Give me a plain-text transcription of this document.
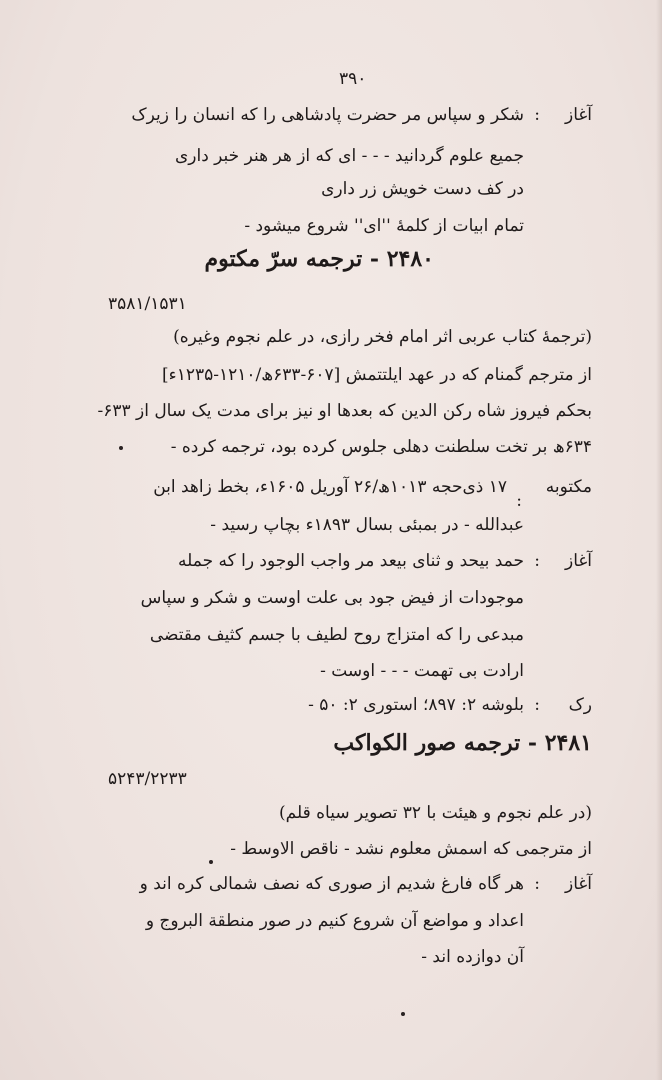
۳۹۰
آغاز
:
شکر و سپاس مر حضرت پادشاهی را که انسان را زیرک
جمیع علوم گردانید - - - ای که از هر هنر خبر داری
در کف دست خویش زر داری
تمام ابیات از کلمۀ ''ای'' شروع میشود -
۲۴۸۰ - ترجمه سرّ مکتوم
۳۵۸۱/۱۵۳۱
(ترجمۀ کتاب عربی اثر امام فخر رازی، در علم نجوم وغیره)
از مترجم گمنام که در عهد ایلتتمش [۶۰۷-۶۳۳ھ/۱۲۱۰-۱۲۳۵ء]
بحکم فیروز شاه رکن الدین که بعدها او نیز برای مدت یک سال از ۶۳۳-
۶۳۴ھ بر تخت سلطنت دهلی جلوس کرده بود، ترجمه کرده -
مکتوبه
:
۱۷ ذی‌حجه ۱۰۱۳ھ/۲۶ آوریل ۱۶۰۵ء، بخط زاهد ابن
عبدالله - در بمبئی بسال ۱۸۹۳ء بچاپ رسید -
آغاز
:
حمد بیحد و ثنای بیعد مر واجب الوجود را که جمله
موجودات از فیض جود بی علت اوست و شکر و سپاس
مبدعی را که امتزاج روح لطیف با جسم کثیف مقتضی
ارادت بی تهمت - - - اوست -
رک
:
بلوشه ۲: ۸۹۷؛ استوری ۲: ۵۰ -
۲۴۸۱ - ترجمه صور الکواکب
۵۲۴۳/۲۲۳۳
(در علم نجوم و هیئت با ۳۲ تصویر سیاه قلم)
از مترجمی که اسمش معلوم نشد - ناقص الاوسط -
آغاز
:
هر گاه فارغ شدیم از صوری که نصف شمالی کره اند و
اعداد و مواضع آن شروع کنیم در صور منطقة البروج و
آن دوازده اند -
